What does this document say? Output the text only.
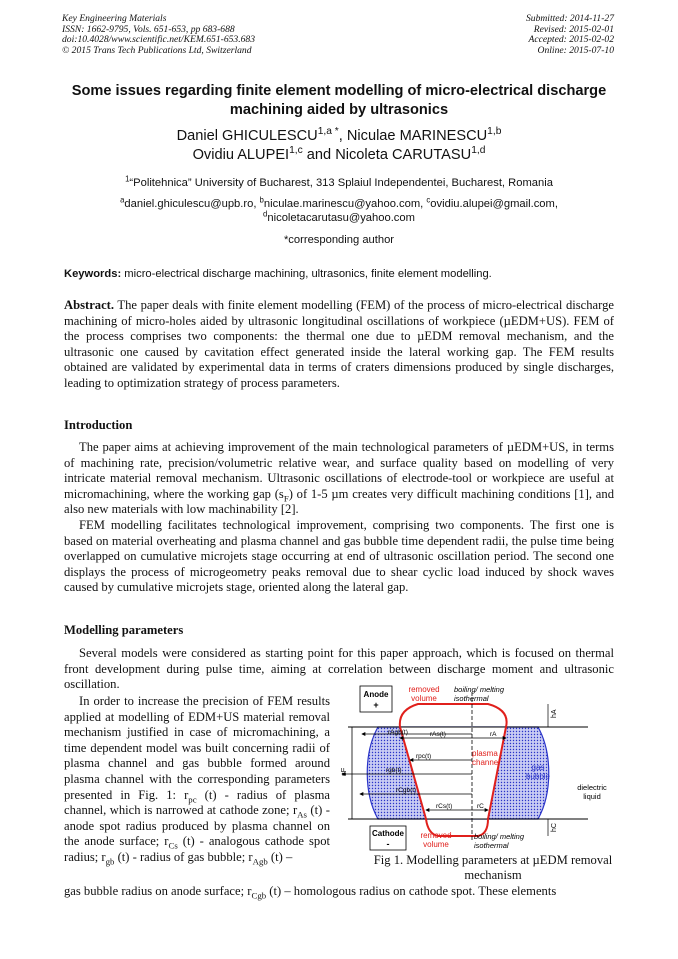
Key Engineering Materials
ISSN: 1662-9795, Vols. 651-653, pp 683-688
doi:10.4028/www.scientific.net/KEM.651-653.683
© 2015 Trans Tech Publications Ltd, Switzerland
Submitted: 2014-11-27
Revised: 2015-02-01
Accepted: 2015-02-02
Online: 2015-07-10
Some issues regarding finite element modelling of micro-electrical discharge machining aided by ultrasonics
Daniel $GHICULESCU^{1,a *}$, Niculae MARINESCU$^{1,b}$
Ovidiu ALUPEI$^{1,c}$ and Nicoleta CARUTASU$^{1,d}$
$^1$“Politehnica” University of Bucharest, 313 Splaiul Independentei, Bucharest, Romania
$^a$daniel.ghiculescu@upb.ro, $^b$niculae.marinescu@yahoo.com, $^c$ovidiu.alupei@gmail.com,
$^d$nicoletacarutasu@yahoo.com
*corresponding author
Keywords: micro-electrical discharge machining, ultrasonics, finite element modelling.

Abstract. The paper deals with finite element modelling (FEM) of the process of micro-electrical discharge machining of micro-holes aided by ultrasonic longitudinal oscillations of workpiece (µEDM+US). FEM of the process comprises two components: the thermal one due to µEDM removal mechanism, and the ultrasonic one caused by cavitation effect generated inside the lateral working gap. The FEM results obtained are validated by experimental data in terms of craters dimensions produced by single discharges, leading to optimization strategy of process parameters.

Introduction

The paper aims at achieving improvement of the main technological parameters of µEDM+US, in terms of machining rate, precision/volumetric relative wear, and surface quality based on modelling of very intricate material removal mechanism. Ultrasonic oscillations of electrode-tool or workpiece are useful at micromachining, where the working gap $(s_F)$ of 1-5 µm creates very difficult machining conditions [1], and also new materials with low machinability [2].

FEM modelling facilitates technological improvement, comprising two components. The first one is based on material overheating and plasma channel and gas bubble time dependent radii, the pulse time being overlapped on cumulative microjets stage occurring at end of ultrasonic oscillation period. The second one displays the process of microgeometry peaks removal due to shear cyclic load induced by shock waves caused by cumulative microjets stage, oriented along the lateral gap.

Modelling parameters

Several models were considered as starting point for this paper approach, which is focused on thermal front development during pulse time, aiming at correlation between discharge moment and ultrasonic oscillation.

In order to increase the precision of FEM results applied at modelling of EDM+US material removal mechanism justified in case of micromachining, a time dependent model was built concerning radii of plasma channel and gas bubble formed around plasma channel with the corresponding parameters presented in Fig. 1: $r_{pc}$ (t) - radius of plasma channel, which is narrowed at cathode zone; $r_{As}$ (t) - anode spot radius produced by plasma channel on the anode surface; $r_{Cs}$ (t) - analogous cathode spot radius; $r_{gb}$ (t) - radius of gas bubble; $r_{Agb}$ (t) –

gas bubble radius on anode surface; $r_{Cgb}$ (t) – homologous radius on cathode spot. These elements
Anode
+
Cathode
-
removed
volume
boiling/ melting
isothermal
removed
volume
boiling/ melting
isothermal
plasma
channel
gas
bubble
dielectric
liquid
sF
hA
hC
rAgb(t)	rAs(t)	rA
rpc(t)
rgb(t)
rCgb(t)
rCs(t)	rC
Fig 1. Modelling parameters at µEDM removal mechanism
